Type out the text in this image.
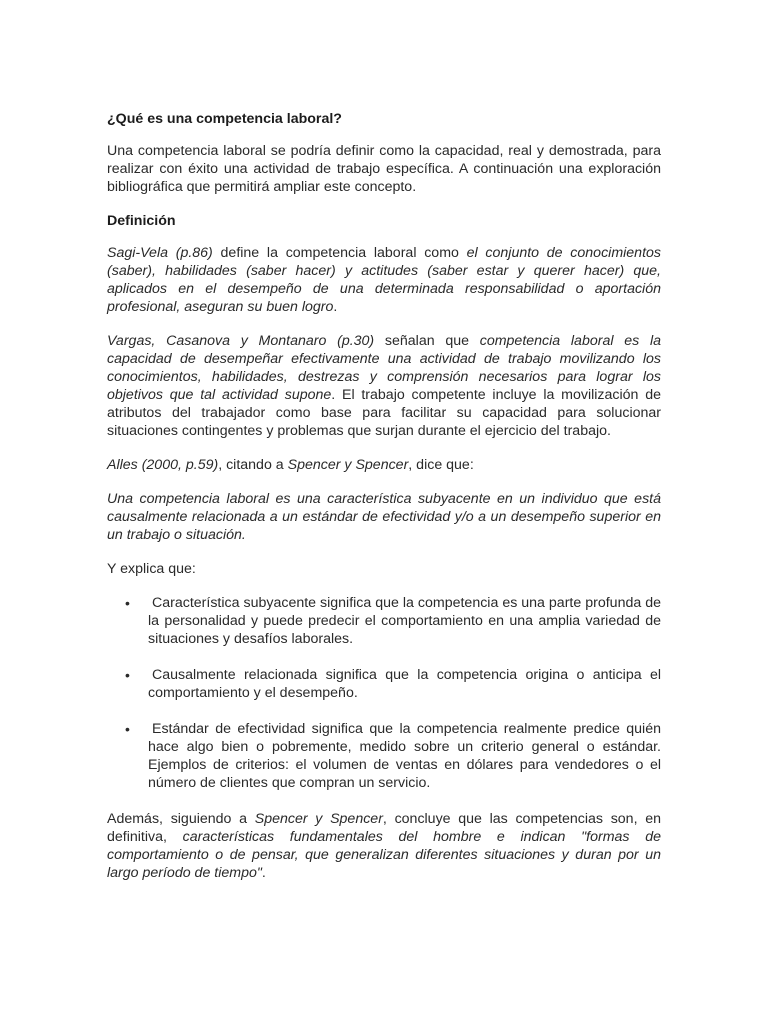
¿Qué es una competencia laboral?

Una competencia laboral se podría definir como la capacidad, real y demostrada, para realizar con éxito una actividad de trabajo específica. A continuación una exploración bibliográfica que permitirá ampliar este concepto.

Definición

Sagi-Vela (p.86) define la competencia laboral como el conjunto de conocimientos (saber), habilidades (saber hacer) y actitudes (saber estar y querer hacer) que, aplicados en el desempeño de una determinada responsabilidad o aportación profesional, aseguran su buen logro.

Vargas, Casanova y Montanaro (p.30) señalan que competencia laboral es la capacidad de desempeñar efectivamente una actividad de trabajo movilizando los conocimientos, habilidades, destrezas y comprensión necesarios para lograr los objetivos que tal actividad supone. El trabajo competente incluye la movilización de atributos del trabajador como base para facilitar su capacidad para solucionar situaciones contingentes y problemas que surjan durante el ejercicio del trabajo.

Alles (2000, p.59), citando a Spencer y Spencer, dice que:

Una competencia laboral es una característica subyacente en un individuo que está causalmente relacionada a un estándar de efectividad y/o a un desempeño superior en un trabajo o situación.

Y explica que:

•	Característica subyacente significa que la competencia es una parte profunda de la personalidad y puede predecir el comportamiento en una amplia variedad de situaciones y desafíos laborales.
•	Causalmente relacionada significa que la competencia origina o anticipa el comportamiento y el desempeño.
•	Estándar de efectividad significa que la competencia realmente predice quién hace algo bien o pobremente, medido sobre un criterio general o estándar. Ejemplos de criterios: el volumen de ventas en dólares para vendedores o el número de clientes que compran un servicio.

Además, siguiendo a Spencer y Spencer, concluye que las competencias son, en definitiva, características fundamentales del hombre e indican "formas de comportamiento o de pensar, que generalizan diferentes situaciones y duran por un largo período de tiempo".
